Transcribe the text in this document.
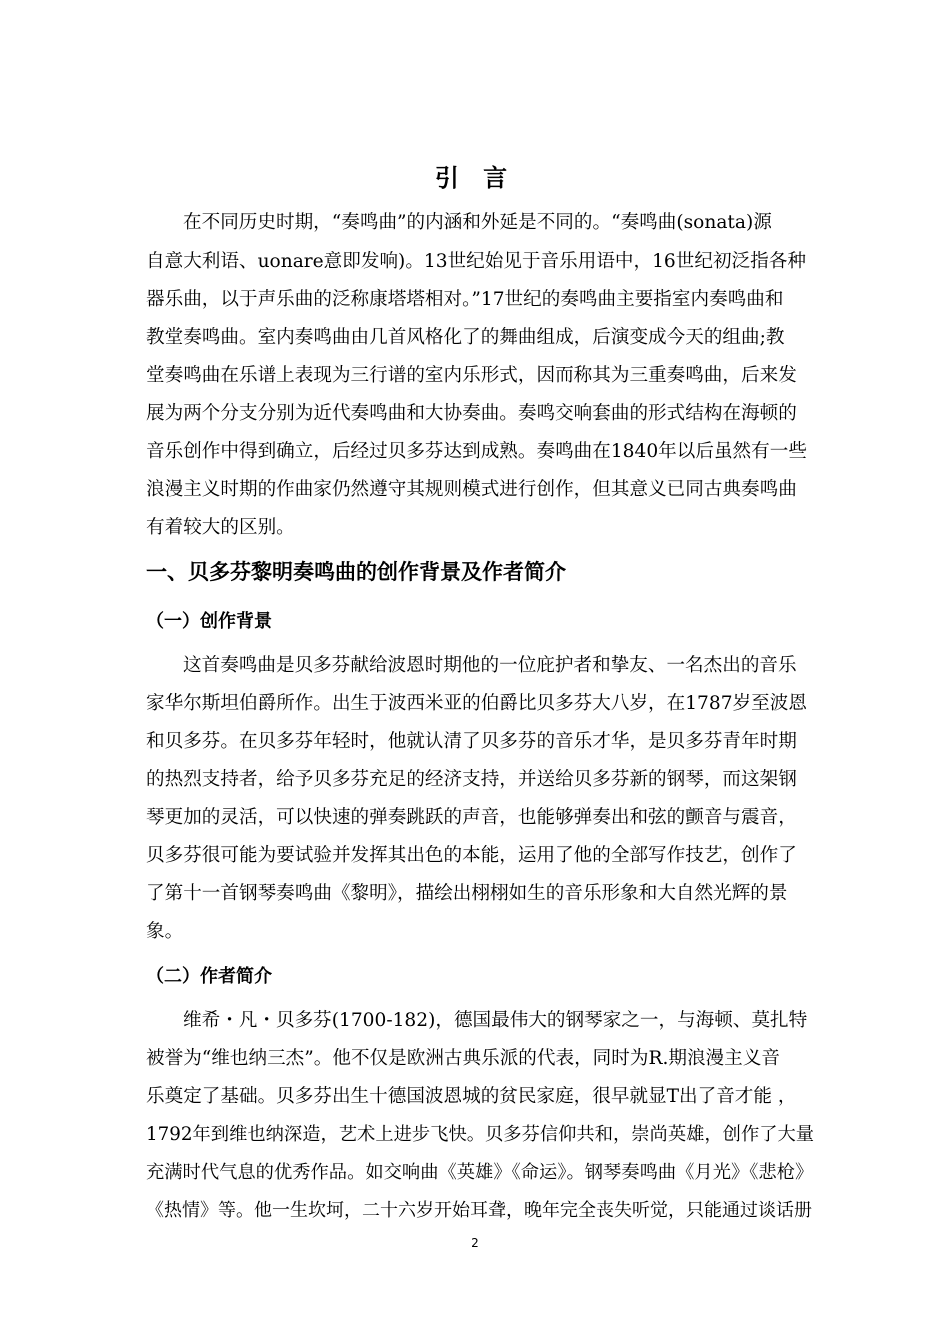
引 言
在不同历史时期，“奏鸣曲”的内涵和外延是不同的。“奏鸣曲(sonata)源
自意大利语、uonare意即发响)。13世纪始见于音乐用语中，16世纪初泛指各种
器乐曲，以于声乐曲的泛称康塔塔相对。”17世纪的奏鸣曲主要指室内奏鸣曲和
教堂奏鸣曲。室内奏鸣曲由几首风格化了的舞曲组成，后演变成今天的组曲;教
堂奏鸣曲在乐谱上表现为三行谱的室内乐形式，因而称其为三重奏鸣曲，后来发
展为两个分支分别为近代奏鸣曲和大协奏曲。奏鸣交响套曲的形式结构在海顿的
音乐创作中得到确立，后经过贝多芬达到成熟。奏鸣曲在1840年以后虽然有一些
浪漫主义时期的作曲家仍然遵守其规则模式进行创作，但其意义已同古典奏鸣曲
有着较大的区别。
一、贝多芬黎明奏鸣曲的创作背景及作者简介
（一）创作背景
这首奏鸣曲是贝多芬献给波恩时期他的一位庇护者和挚友、一名杰出的音乐
家华尔斯坦伯爵所作。出生于波西米亚的伯爵比贝多芬大八岁，在1787岁至波恩
和贝多芬。在贝多芬年轻时，他就认清了贝多芬的音乐才华，是贝多芬青年时期
的热烈支持者，给予贝多芬充足的经济支持，并送给贝多芬新的钢琴，而这架钢
琴更加的灵活，可以快速的弹奏跳跃的声音，也能够弹奏出和弦的颤音与震音，
贝多芬很可能为要试验并发挥其出色的本能，运用了他的全部写作技艺，创作了
了第十一首钢琴奏鸣曲《黎明》，描绘出栩栩如生的音乐形象和大自然光辉的景
象。
（二）作者简介
维希・凡・贝多芬(1700-182)，德国最伟大的钢琴家之一，与海顿、莫扎特
被誉为“维也纳三杰”。他不仅是欧洲古典乐派的代表，同时为R.期浪漫主义音
乐奠定了基础。贝多芬出生十德国波恩城的贫民家庭，很早就显T出了音才能 ，
1792年到维也纳深造，艺术上进步飞快。贝多芬信仰共和，崇尚英雄，创作了大量
充满时代气息的优秀作品。如交响曲《英雄》《命运》。钢琴奏鸣曲《月光》《悲枪》
《热情》等。他一生坎坷，二十六岁开始耳聋，晚年完全丧失听觉，只能通过谈话册
2
